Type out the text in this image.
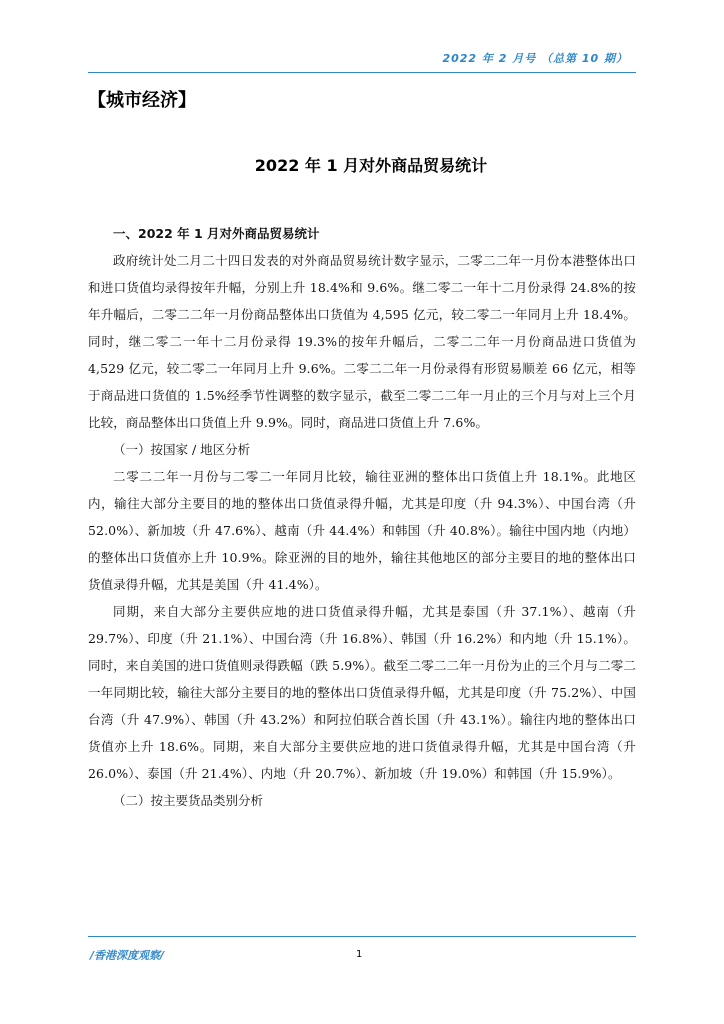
2022 年 2 月号 （总第 10 期）
【城市经济】
2022 年 1 月对外商品贸易统计

一、2022 年 1 月对外商品贸易统计

政府统计处二月二十四日发表的对外商品贸易统计数字显示，二零二二年一月份本港整体出口和进口货值均录得按年升幅，分别上升 18.4%和 9.6%。继二零二一年十二月份录得 24.8%的按年升幅后，二零二二年一月份商品整体出口货值为 4,595 亿元，较二零二一年同月上升 18.4%。同时，继二零二一年十二月份录得 19.3%的按年升幅后，二零二二年一月份商品进口货值为 4,529 亿元，较二零二一年同月上升 9.6%。二零二二年一月份录得有形贸易顺差 66 亿元，相等于商品进口货值的 1.5%经季节性调整的数字显示，截至二零二二年一月止的三个月与对上三个月比较，商品整体出口货值上升 9.9%。同时，商品进口货值上升 7.6%。

（一）按国家 / 地区分析

二零二二年一月份与二零二一年同月比较，输往亚洲的整体出口货值上升 18.1%。此地区内，输往大部分主要目的地的整体出口货值录得升幅，尤其是印度（升 94.3%）、中国台湾（升 52.0%）、新加坡（升 47.6%）、越南（升 44.4%）和韩国（升 40.8%）。输往中国内地（内地）的整体出口货值亦上升 10.9%。除亚洲的目的地外，输往其他地区的部分主要目的地的整体出口货值录得升幅，尤其是美国（升 41.4%）。

同期，来自大部分主要供应地的进口货值录得升幅，尤其是泰国（升 37.1%）、越南（升 29.7%）、印度（升 21.1%）、中国台湾（升 16.8%）、韩国（升 16.2%）和内地（升 15.1%）。同时，来自美国的进口货值则录得跌幅（跌 5.9%）。截至二零二二年一月份为止的三个月与二零二一年同期比较，输往大部分主要目的地的整体出口货值录得升幅，尤其是印度（升 75.2%）、中国台湾（升 47.9%）、韩国（升 43.2%）和阿拉伯联合酋长国（升 43.1%）。输往内地的整体出口货值亦上升 18.6%。同期，来自大部分主要供应地的进口货值录得升幅，尤其是中国台湾（升 26.0%）、泰国（升 21.4%）、内地（升 20.7%）、新加坡（升 19.0%）和韩国（升 15.9%）。

（二）按主要货品类别分析

/香港深度观察/	1
